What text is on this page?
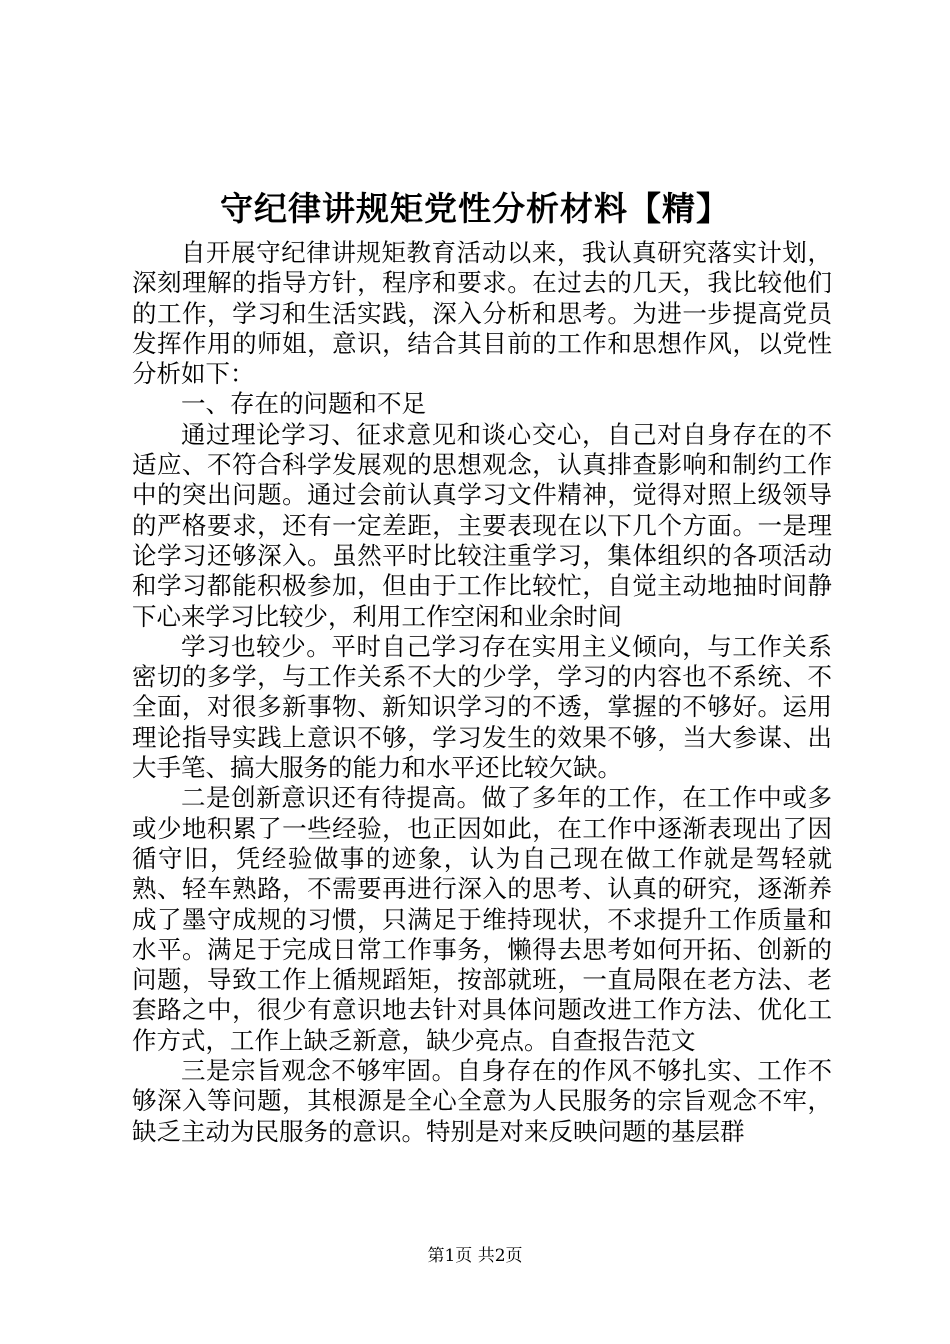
守纪律讲规矩党性分析材料【精】

自开展守纪律讲规矩教育活动以来，我认真研究落实计划，深刻理解的指导方针，程序和要求。在过去的几天，我比较他们的工作，学习和生活实践，深入分析和思考。为进一步提高党员发挥作用的师姐，意识，结合其目前的工作和思想作风，以党性分析如下：

一、存在的问题和不足

通过理论学习、征求意见和谈心交心，自己对自身存在的不适应、不符合科学发展观的思想观念，认真排查影响和制约工作中的突出问题。通过会前认真学习文件精神，觉得对照上级领导的严格要求，还有一定差距，主要表现在以下几个方面。一是理论学习还够深入。虽然平时比较注重学习，集体组织的各项活动和学习都能积极参加，但由于工作比较忙，自觉主动地抽时间静下心来学习比较少，利用工作空闲和业余时间

学习也较少。平时自己学习存在实用主义倾向，与工作关系密切的多学，与工作关系不大的少学，学习的内容也不系统、不全面，对很多新事物、新知识学习的不透，掌握的不够好。运用理论指导实践上意识不够，学习发生的效果不够，当大参谋、出大手笔、搞大服务的能力和水平还比较欠缺。

二是创新意识还有待提高。做了多年的工作，在工作中或多或少地积累了一些经验，也正因如此，在工作中逐渐表现出了因循守旧，凭经验做事的迹象，认为自己现在做工作就是驾轻就熟、轻车熟路，不需要再进行深入的思考、认真的研究，逐渐养成了墨守成规的习惯，只满足于维持现状，不求提升工作质量和水平。满足于完成日常工作事务，懒得去思考如何开拓、创新的问题，导致工作上循规蹈矩，按部就班，一直局限在老方法、老套路之中，很少有意识地去针对具体问题改进工作方法、优化工作方式，工作上缺乏新意，缺少亮点。自查报告范文

三是宗旨观念不够牢固。自身存在的作风不够扎实、工作不够深入等问题，其根源是全心全意为人民服务的宗旨观念不牢，缺乏主动为民服务的意识。特别是对来反映问题的基层群

第1页 共2页
